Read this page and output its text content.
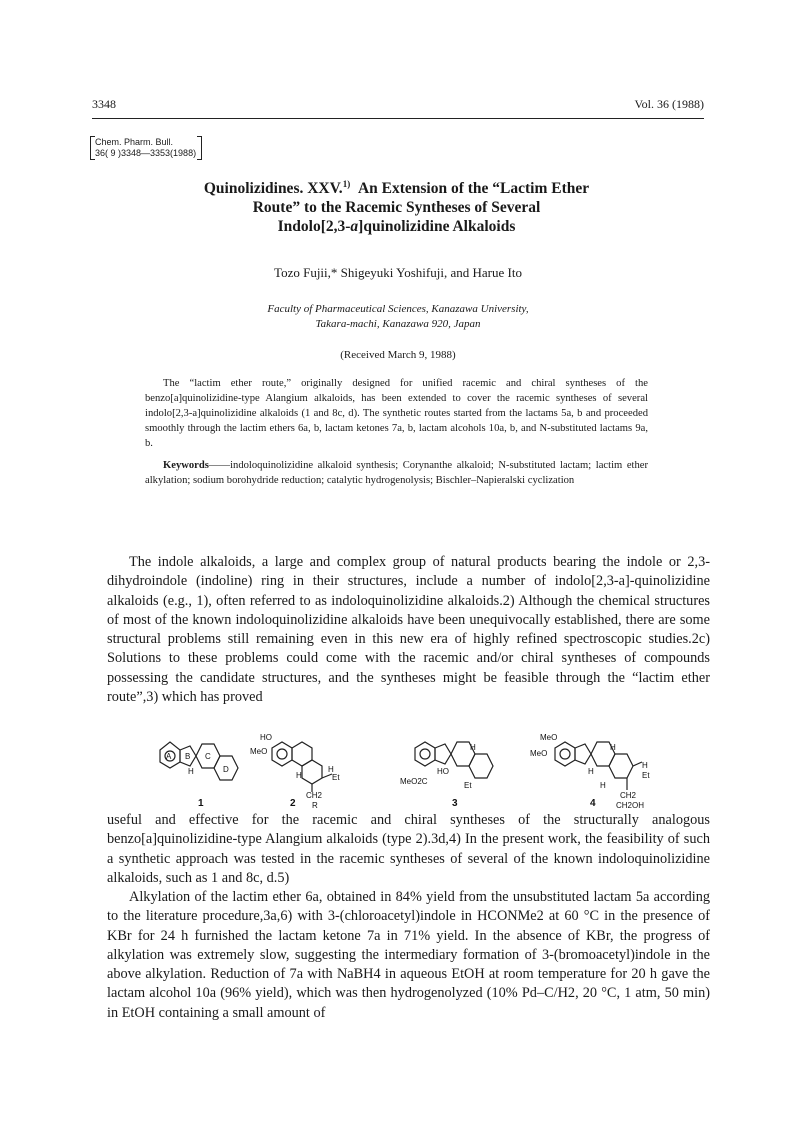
3348	Vol. 36 (1988)
Chem. Pharm. Bull.
36( 9 )3348—3353(1988)
Quinolizidines. XXV.$^{1)}$ An Extension of the “Lactim Ether
Route” to the Racemic Syntheses of Several
Indolo[2,3-a]quinolizidine Alkaloids
Tozo Fujii,* Shigeyuki Yoshifuji, and Harue Ito
Faculty of Pharmaceutical Sciences, Kanazawa University,
Takara-machi, Kanazawa 920, Japan
(Received March 9, 1988)

The “lactim ether route,” originally designed for unified racemic and chiral syntheses of the benzo[a]quinolizidine-type Alangium alkaloids, has been extended to cover the racemic syntheses of several indolo[2,3-a]quinolizidine alkaloids (1 and 8c, d). The synthetic routes started from the lactams 5a, b and proceeded smoothly through the lactim ethers 6a, b, lactam ketones 7a, b, lactam alcohols 10a, b, and N-substituted lactams 9a, b.

Keywords——indoloquinolizidine alkaloid synthesis; Corynanthe alkaloid; N-substituted lactam; lactim ether alkylation; sodium borohydride reduction; catalytic hydrogenolysis; Bischler–Napieralski cyclization

The indole alkaloids, a large and complex group of natural products bearing the indole or 2,3-dihydroindole (indoline) ring in their structures, include a number of indolo[2,3-a]-quinolizidine alkaloids (e.g., 1), often referred to as indoloquinolizidine alkaloids.2) Although the chemical structures of most of the known indoloquinolizidine alkaloids have been unequivocally established, there are some structural problems still remaining even in this new era of highly refined spectroscopic studies.2c) Solutions to these problems could come with the racemic and/or chiral syntheses of compounds possessing the candidate structures, and the syntheses might be feasible through the “lactim ether route”,3) which has proved

A B C
D
H
HO
MeO
H	Et
CH2
R
H	HO
MeO2C	Et
H
MeO
MeO
H
H
Et
CH2
CH2OH
H
H
1	2	3	4

useful and effective for the racemic and chiral syntheses of the structurally analogous benzo[a]quinolizidine-type Alangium alkaloids (type 2).3d,4) In the present work, the feasibility of such a synthetic approach was tested in the racemic syntheses of several of the known indoloquinolizidine alkaloids, such as 1 and 8c, d.5)

Alkylation of the lactim ether 6a, obtained in 84% yield from the unsubstituted lactam 5a according to the literature procedure,3a,6) with 3-(chloroacetyl)indole in HCONMe2 at 60 °C in the presence of KBr for 24 h furnished the lactam ketone 7a in 71% yield. In the absence of KBr, the progress of alkylation was extremely slow, suggesting the intermediary formation of 3-(bromoacetyl)indole in the above alkylation. Reduction of 7a with NaBH4 in aqueous EtOH at room temperature for 20 h gave the lactam alcohol 10a (96% yield), which was then hydrogenolyzed (10% Pd–C/H2, 20 °C, 1 atm, 50 min) in EtOH containing a small amount of
